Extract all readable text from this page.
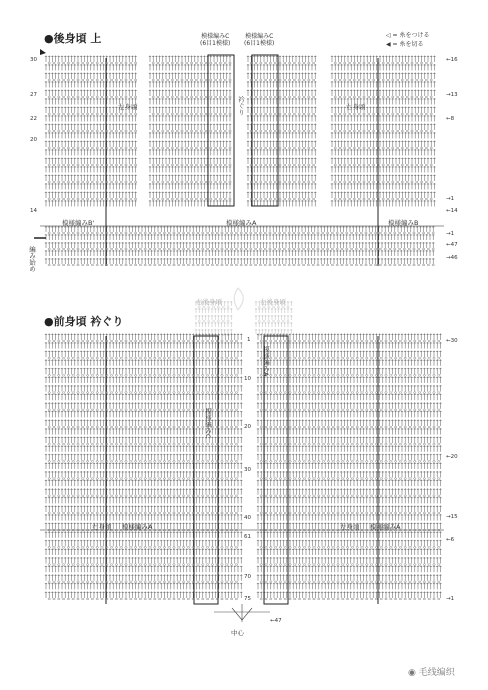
●後身頃 上	模様編みC
(6目1模様)
模様編みC
(6目1模様)
◁ = 糸をつける
◀ = 糸を切る
左身頃	右身頃
衿ぐり
模様編みB'	模様編みA	模様編みB
編み始め
30
27
22
20
14
←16
→13
←8
→1
←14
→1
←47
→46
●前身頃 衿ぐり
右後身頃	左後身頃
模様編みA
模様編みC
右身頃 模様編みA	左身頃 模様編みA
中心
←47
1
10
20
30
40
61
70
75
←30
←20
→15
←6
→1
◉ 毛线编织
